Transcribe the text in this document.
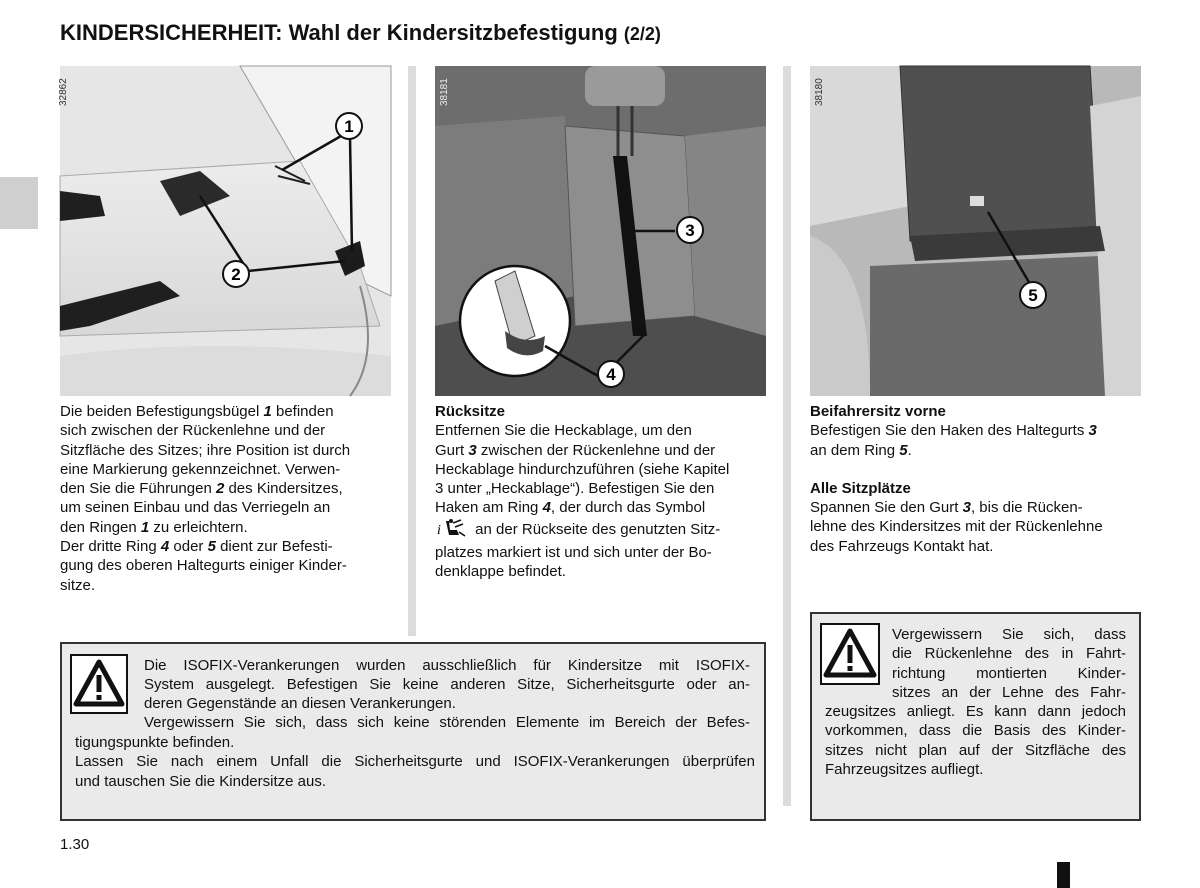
KINDERSICHERHEIT: Wahl der Kindersitzbefestigung (2/2)
32862
1
2
38181
3
4
38180
5
Die beiden Befestigungsbügel 1 befinden
sich zwischen der Rückenlehne und der
Sitzfläche des Sitzes; ihre Position ist durch
eine Markierung gekennzeichnet. Verwen-
den Sie die Führungen 2 des Kindersitzes,
um seinen Einbau und das Verriegeln an
den Ringen 1 zu erleichtern.
Der dritte Ring 4 oder 5 dient zur Befesti-
gung des oberen Haltegurts einiger Kinder-
sitze.
Rücksitze
Entfernen Sie die Heckablage, um den
Gurt 3 zwischen der Rückenlehne und der
Heckablage hindurchzuführen (siehe Kapitel
3 unter „Heckablage“). Befestigen Sie den
Haken am Ring 4, der durch das Symbol
i an der Rückseite des genutzten Sitz-
platzes markiert ist und sich unter der Bo-
denklappe befindet.
Beifahrersitz vorne
Befestigen Sie den Haken des Haltegurts 3
an dem Ring 5.
Alle Sitzplätze
Spannen Sie den Gurt 3, bis die Rücken-
lehne des Kindersitzes mit der Rückenlehne
des Fahrzeugs Kontakt hat.
Die ISOFIX-Verankerungen wurden ausschließlich für Kindersitze mit ISOFIX-
System ausgelegt. Befestigen Sie keine anderen Sitze, Sicherheitsgurte oder an-
deren Gegenstände an diesen Verankerungen.
Vergewissern Sie sich, dass sich keine störenden Elemente im Bereich der Befes-
tigungspunkte befinden.
Lassen Sie nach einem Unfall die Sicherheitsgurte und ISOFIX-Verankerungen überprüfen
und tauschen Sie die Kindersitze aus.
Vergewissern Sie sich, dass
die Rückenlehne des in Fahrt-
richtung montierten Kinder-
sitzes an der Lehne des Fahr-
zeugsitzes anliegt. Es kann dann jedoch
vorkommen, dass die Basis des Kinder-
sitzes nicht plan auf der Sitzfläche des
Fahrzeugsitzes aufliegt.
1.30
